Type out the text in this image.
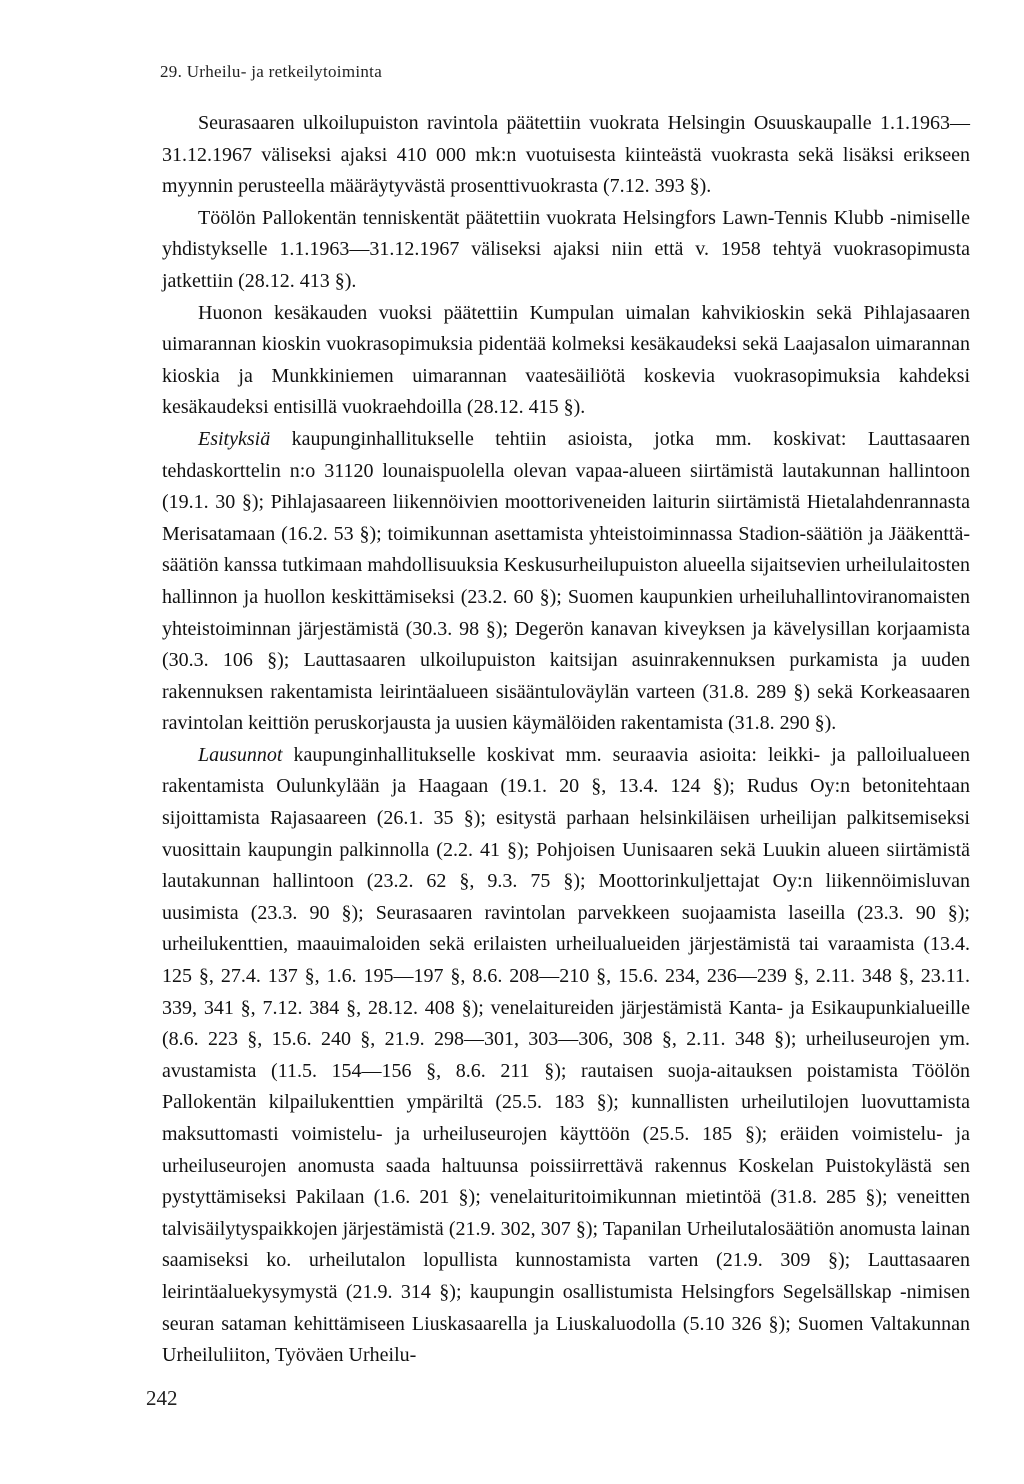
29. Urheilu- ja retkeilytoiminta

Seurasaaren ulkoilupuiston ravintola päätettiin vuokrata Helsingin Osuuskaupalle 1.1.1963—31.12.1967 väliseksi ajaksi 410 000 mk:n vuotuisesta kiinteästä vuokrasta sekä lisäksi erikseen myynnin perusteella määräytyvästä prosenttivuokrasta (7.12. 393 §).

Töölön Pallokentän tenniskentät päätettiin vuokrata Helsingfors Lawn-Tennis Klubb -nimiselle yhdistykselle 1.1.1963—31.12.1967 väliseksi ajaksi niin että v. 1958 tehtyä vuokrasopimusta jatkettiin (28.12. 413 §).

Huonon kesäkauden vuoksi päätettiin Kumpulan uimalan kahvikioskin sekä Pihlajasaaren uimarannan kioskin vuokrasopimuksia pidentää kolmeksi kesäkaudeksi sekä Laajasalon uimarannan kioskia ja Munkkiniemen uimarannan vaatesäiliötä koskevia vuokrasopimuksia kahdeksi kesäkaudeksi entisillä vuokraehdoilla (28.12. 415 §).

Esityksiä kaupunginhallitukselle tehtiin asioista, jotka mm. koskivat: Lauttasaaren tehdaskorttelin n:o 31120 lounaispuolella olevan vapaa-alueen siirtämistä lautakunnan hallintoon (19.1. 30 §); Pihlajasaareen liikennöivien moottoriveneiden laiturin siirtämistä Hietalahdenrannasta Merisatamaan (16.2. 53 §); toimikunnan asettamista yhteistoiminnassa Stadion-säätiön ja Jääkenttä-säätiön kanssa tutkimaan mahdollisuuksia Keskusurheilupuiston alueella sijaitsevien urheilulaitosten hallinnon ja huollon keskittämiseksi (23.2. 60 §); Suomen kaupunkien urheiluhallintoviranomaisten yhteistoiminnan järjestämistä (30.3. 98 §); Degerön kanavan kiveyksen ja kävelysillan korjaamista (30.3. 106 §); Lauttasaaren ulkoilupuiston kaitsijan asuinrakennuksen purkamista ja uuden rakennuksen rakentamista leirintäalueen sisääntuloväylän varteen (31.8. 289 §) sekä Korkeasaaren ravintolan keittiön peruskorjausta ja uusien käymälöiden rakentamista (31.8. 290 §).

Lausunnot kaupunginhallitukselle koskivat mm. seuraavia asioita: leikki- ja palloilualueen rakentamista Oulunkylään ja Haagaan (19.1. 20 §, 13.4. 124 §); Rudus Oy:n betonitehtaan sijoittamista Rajasaareen (26.1. 35 §); esitystä parhaan helsinkiläisen urheilijan palkitsemiseksi vuosittain kaupungin palkinnolla (2.2. 41 §); Pohjoisen Uunisaaren sekä Luukin alueen siirtämistä lautakunnan hallintoon (23.2. 62 §, 9.3. 75 §); Moottorinkuljettajat Oy:n liikennöimisluvan uusimista (23.3. 90 §); Seurasaaren ravintolan parvekkeen suojaamista laseilla (23.3. 90 §); urheilukenttien, maauimaloiden sekä erilaisten urheilualueiden järjestämistä tai varaamista (13.4. 125 §, 27.4. 137 §, 1.6. 195—197 §, 8.6. 208—210 §, 15.6. 234, 236—239 §, 2.11. 348 §, 23.11. 339, 341 §, 7.12. 384 §, 28.12. 408 §); venelaitureiden järjestämistä Kanta- ja Esikaupunkialueille (8.6. 223 §, 15.6. 240 §, 21.9. 298—301, 303—306, 308 §, 2.11. 348 §); urheiluseurojen ym. avustamista (11.5. 154—156 §, 8.6. 211 §); rautaisen suoja-aitauksen poistamista Töölön Pallokentän kilpailukenttien ympäriltä (25.5. 183 §); kunnallisten urheilutilojen luovuttamista maksuttomasti voimistelu- ja urheiluseurojen käyttöön (25.5. 185 §); eräiden voimistelu- ja urheiluseurojen anomusta saada haltuunsa poissiirrettävä rakennus Koskelan Puistokylästä sen pystyttämiseksi Pakilaan (1.6. 201 §); venelaituritoimikunnan mietintöä (31.8. 285 §); veneitten talvisäilytyspaikkojen järjestämistä (21.9. 302, 307 §); Tapanilan Urheilutalosäätiön anomusta lainan saamiseksi ko. urheilutalon lopullista kunnostamista varten (21.9. 309 §); Lauttasaaren leirintäaluekysymystä (21.9. 314 §); kaupungin osallistumista Helsingfors Segelsällskap -nimisen seuran sataman kehittämiseen Liuskasaarella ja Liuskaluodolla (5.10 326 §); Suomen Valtakunnan Urheiluliiton, Työväen Urheilu-

242
